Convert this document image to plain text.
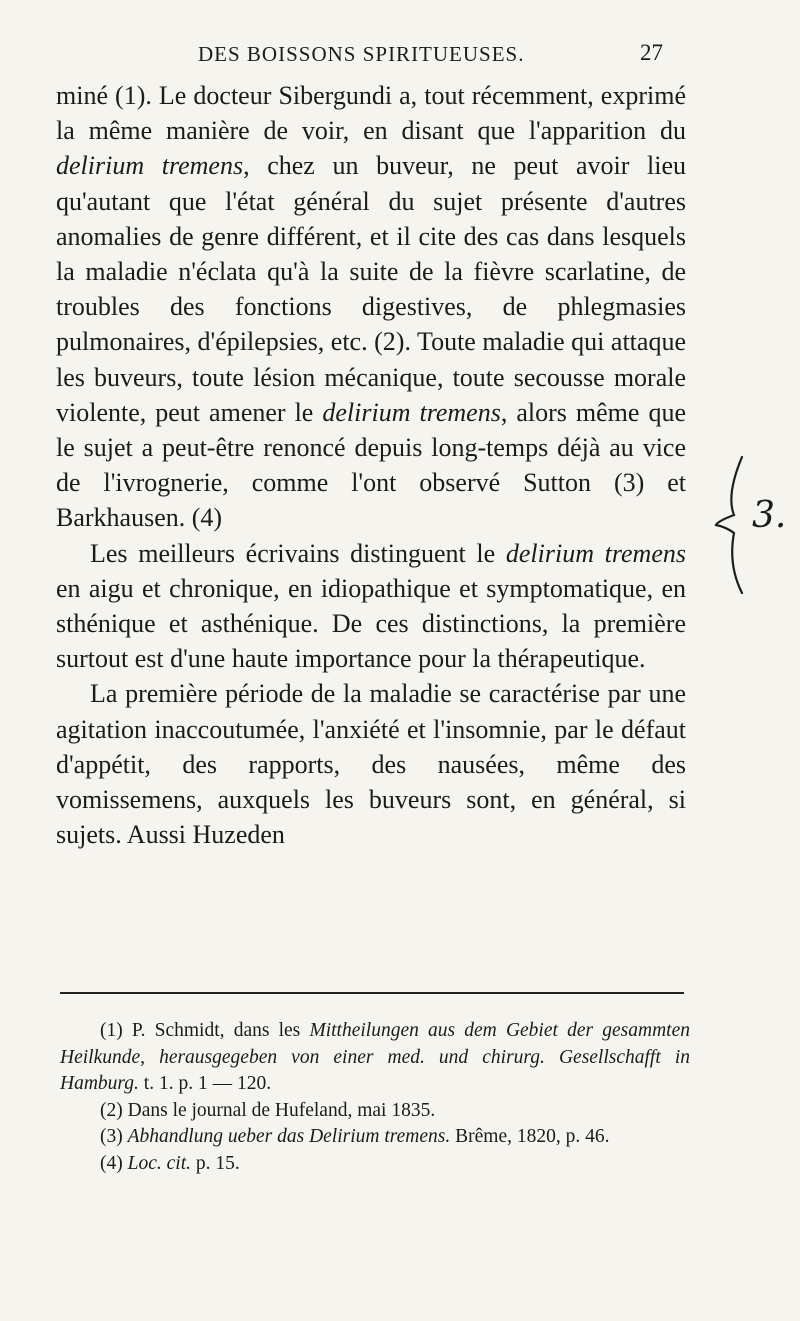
DES BOISSONS SPIRITUEUSES.	27

miné (1). Le docteur Sibergundi a, tout récemment, exprimé la même manière de voir, en disant que l'apparition du delirium tremens, chez un buveur, ne peut avoir lieu qu'autant que l'état général du sujet présente d'autres anomalies de genre différent, et il cite des cas dans lesquels la maladie n'éclata qu'à la suite de la fièvre scarlatine, de troubles des fonctions digestives, de phlegmasies pulmonaires, d'épilepsies, etc. (2). Toute maladie qui attaque les buveurs, toute lésion mécanique, toute secousse morale violente, peut amener le delirium tremens, alors même que le sujet a peut-être renoncé depuis long-temps déjà au vice de l'ivrognerie, comme l'ont observé Sutton (3) et Barkhausen. (4)

Les meilleurs écrivains distinguent le delirium tremens en aigu et chronique, en idiopathique et symptomatique, en sthénique et asthénique. De ces distinctions, la première surtout est d'une haute importance pour la thérapeutique.

La première période de la maladie se caractérise par une agitation inaccoutumée, l'anxiété et l'insomnie, par le défaut d'appétit, des rapports, des nausées, même des vomissemens, auxquels les buveurs sont, en général, si sujets. Aussi Huzeden

(1) P. Schmidt, dans les Mittheilungen aus dem Gebiet der gesammten Heilkunde, herausgegeben von einer med. und chirurg. Gesellschafft in Hamburg. t. 1. p. 1 — 120.

(2) Dans le journal de Hufeland, mai 1835.

(3) Abhandlung ueber das Delirium tremens. Brême, 1820, p. 46.

(4) Loc. cit. p. 15.

3.
